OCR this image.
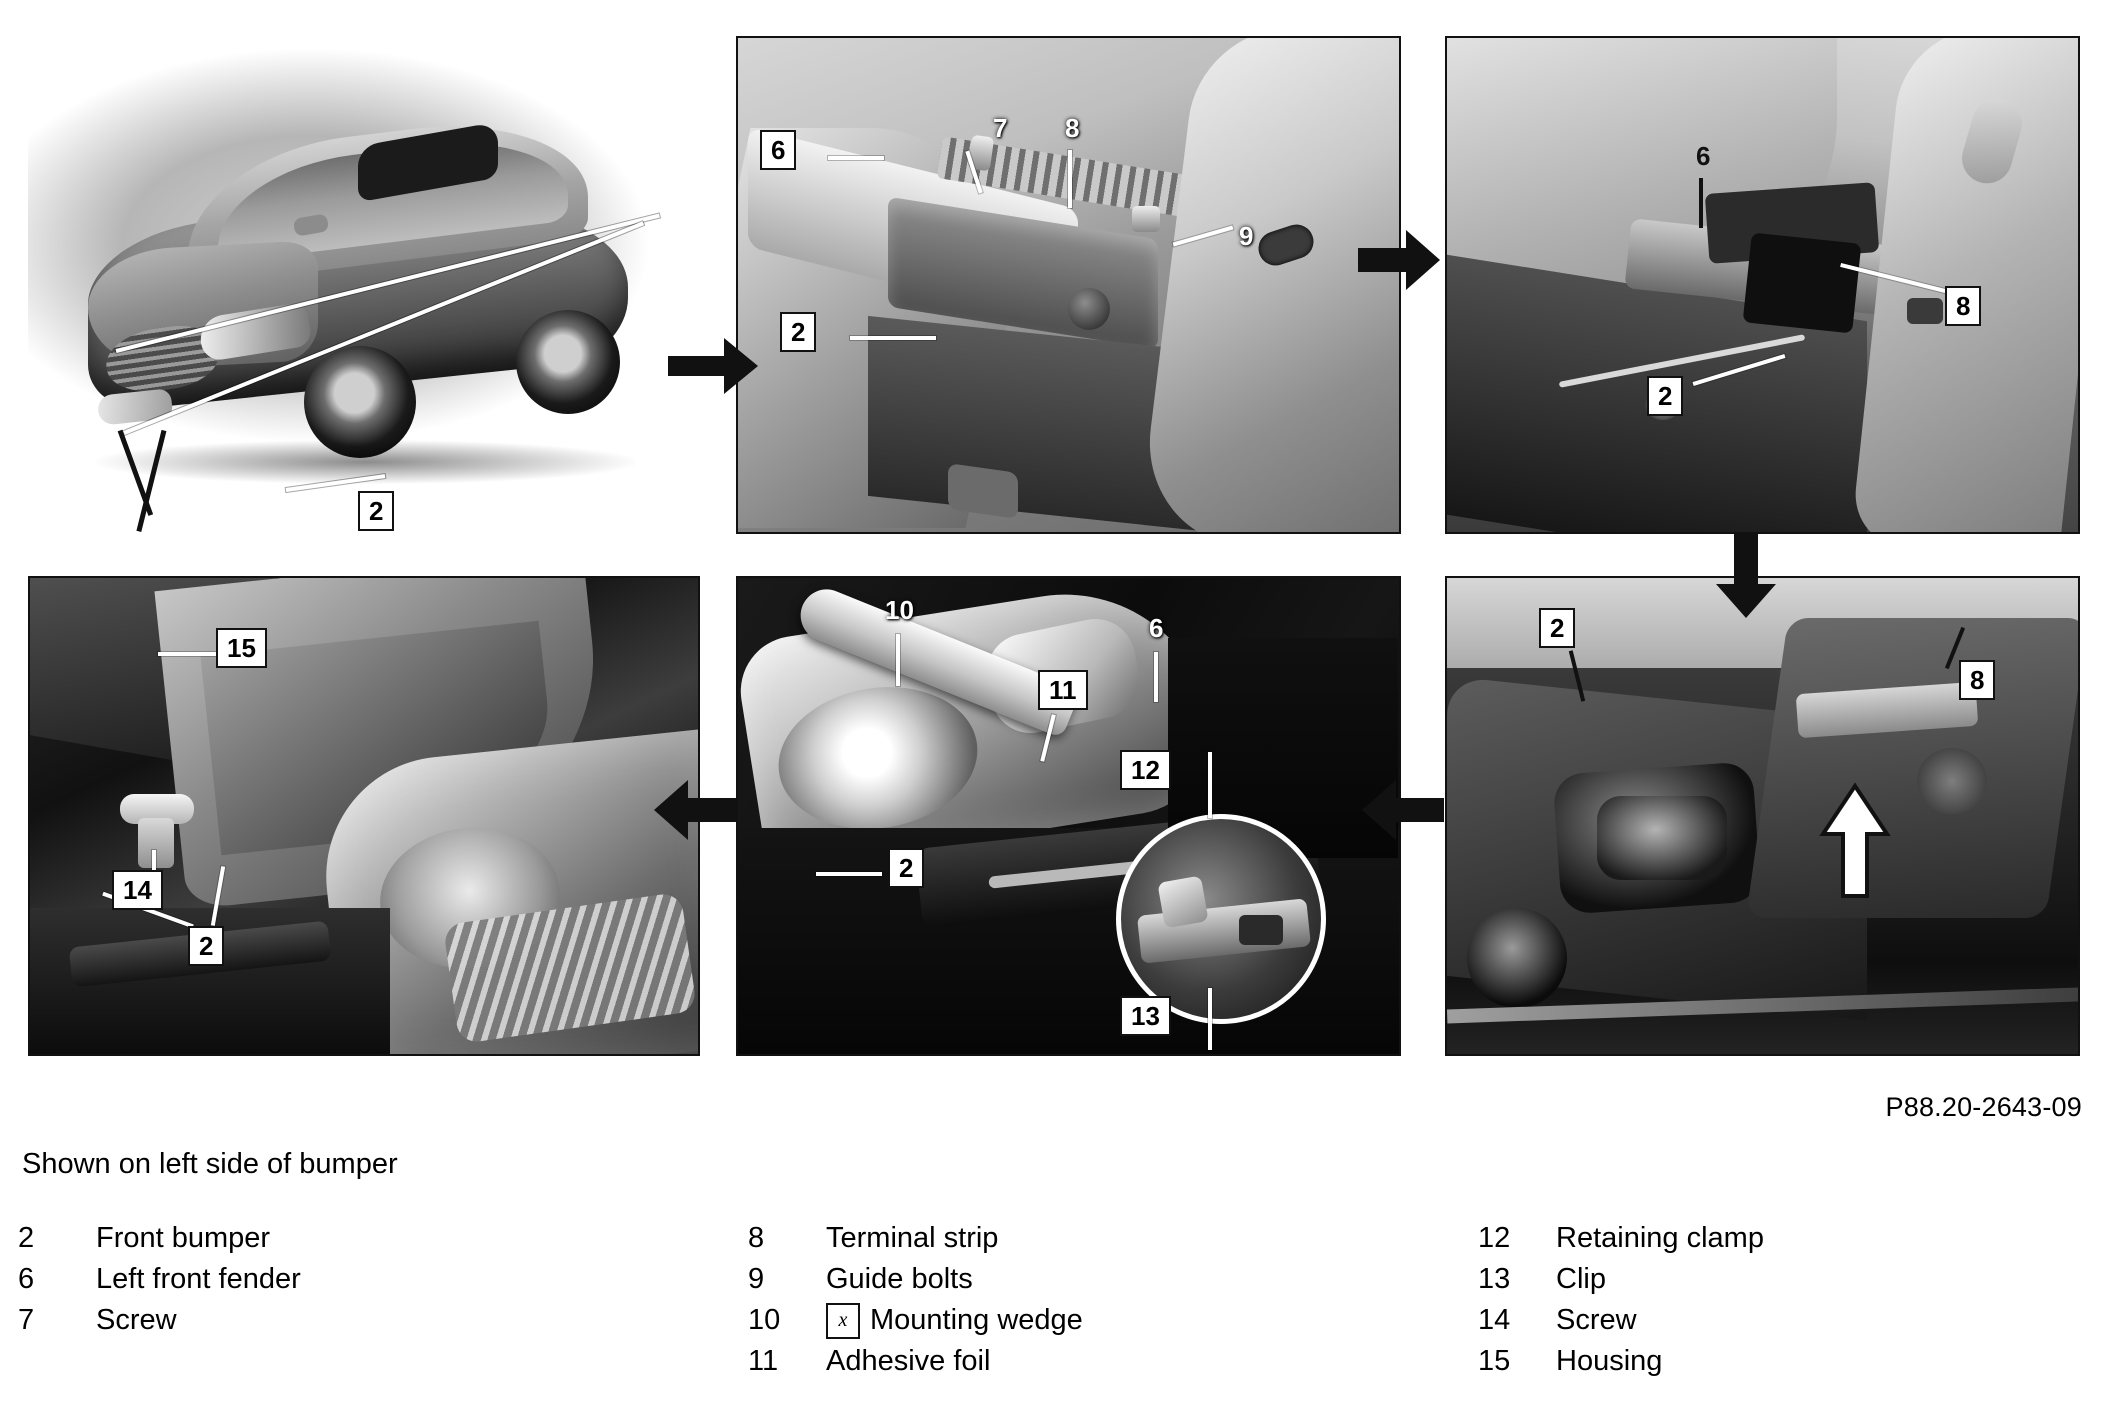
2
6
7	8
9
2
6
8
2
2
8
10
6
11
2
12
13
15
14
2
P88.20-2643-09
Shown on left side of bumper
2	Front bumper
6	Left front fender
7	Screw
8	Terminal strip
9	Guide bolts
10	x Mounting wedge
11	Adhesive foil
12	Retaining clamp
13	Clip
14	Screw
15	Housing
